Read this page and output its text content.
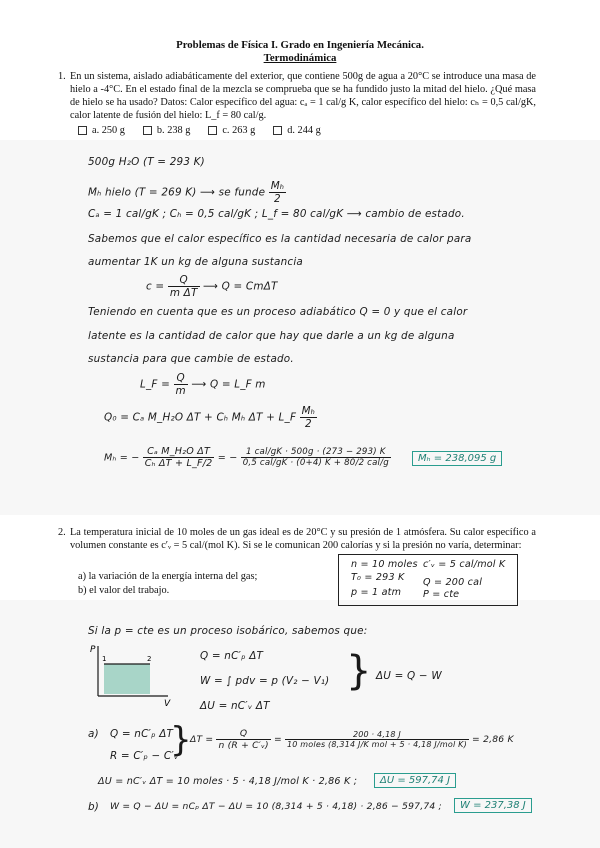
Problemas de Física I. Grado en Ingeniería Mecánica.
Termodinámica
1. En un sistema, aislado adiabáticamente del exterior, que contiene 500g de agua a 20°C se introduce una masa de hielo a -4°C. En el estado final de la mezcla se comprueba que se ha fundido justo la mitad del hielo. ¿Qué masa de hielo se ha usado? Datos: Calor específico del agua: cₐ = 1 cal/g K, calor específico del hielo: cₕ = 0,5 cal/gK, calor latente de fusión del hielo: L_f = 80 cal/g.
a. 250 g	b. 238 g	c. 263 g	d. 244 g
500g H₂O (T = 293 K)
Mₕ hielo (T = 269 K) ⟶ se funde $\frac{\text{Mₕ}}{2}$
Cₐ = 1 cal/gK ; Cₕ = 0,5 cal/gK ; L_f = 80 cal/gK ⟶ cambio de estado.
Sabemos que el calor específico es la cantidad necesaria de calor para
aumentar 1K un kg de alguna sustancia
$c = \frac{Q}{\text{m ΔT}}$ ⟶ Q = CmΔT
Teniendo en cuenta que es un proceso adiabático Q = 0 y que el calor
latente es la cantidad de calor que hay que darle a un kg de alguna
sustancia para que cambie de estado.
L_F = $\frac{Q}{m}$ ⟶ Q = L_F m
Q₀ = Cₐ M_H₂O ΔT + Cₕ Mₕ ΔT + L_F $\frac{\text{Mₕ}}{2}$
Mₕ = − $\frac{\text{Cₐ M\_H₂O ΔT}}{\text{Cₕ ΔT + L\_F/2}}$ = − $\frac{\text{1 cal/gK · 500g · (273 − 293) K}}{\text{0,5 cal/gK · (0+4) K + 80/2 cal/g}}$	Mₕ = 238,095 g
2. La temperatura inicial de 10 moles de un gas ideal es de 20°C y su presión de 1 atmósfera. Su calor específico a volumen constante es c′ᵥ = 5 cal/(mol K). Si se le comunican 200 calorías y si la presión no varía, determinar:
a) la variación de la energía interna del gas;
b) el valor del trabajo.
n = 10 moles
T₀ = 293 K
p = 1 atm
c′ᵥ = 5 cal/mol K
Q = 200 cal
P = cte
Si la p = cte es un proceso isobárico, sabemos que:
P
V
1	2	Q = nC′ₚ ΔT
W = ∫ pdv = p (V₂ − V₁)
ΔU = nC′ᵥ ΔT
} ΔU = Q − W
a) Q = nC′ₚ ΔT
R = C′ₚ − C′ᵥ
}
$\Delta T = \frac{Q}{\text{n (R + C′ᵥ)}} = \frac{200 \cdot 4,18 J}{\text{10 moles (8,314 J/K mol + 5 · 4,18 J/mol K)}} = 2,86$ K
ΔU = nC′ᵥ ΔT = 10 moles · 5 · 4,18 J/mol K · 2,86 K ;	ΔU = 597,74 J
b) W = Q − ΔU = nCₚ ΔT − ΔU = 10 (8,314 + 5 · 4,18) · 2,86 − 597,74 ;	W = 237,38 J
